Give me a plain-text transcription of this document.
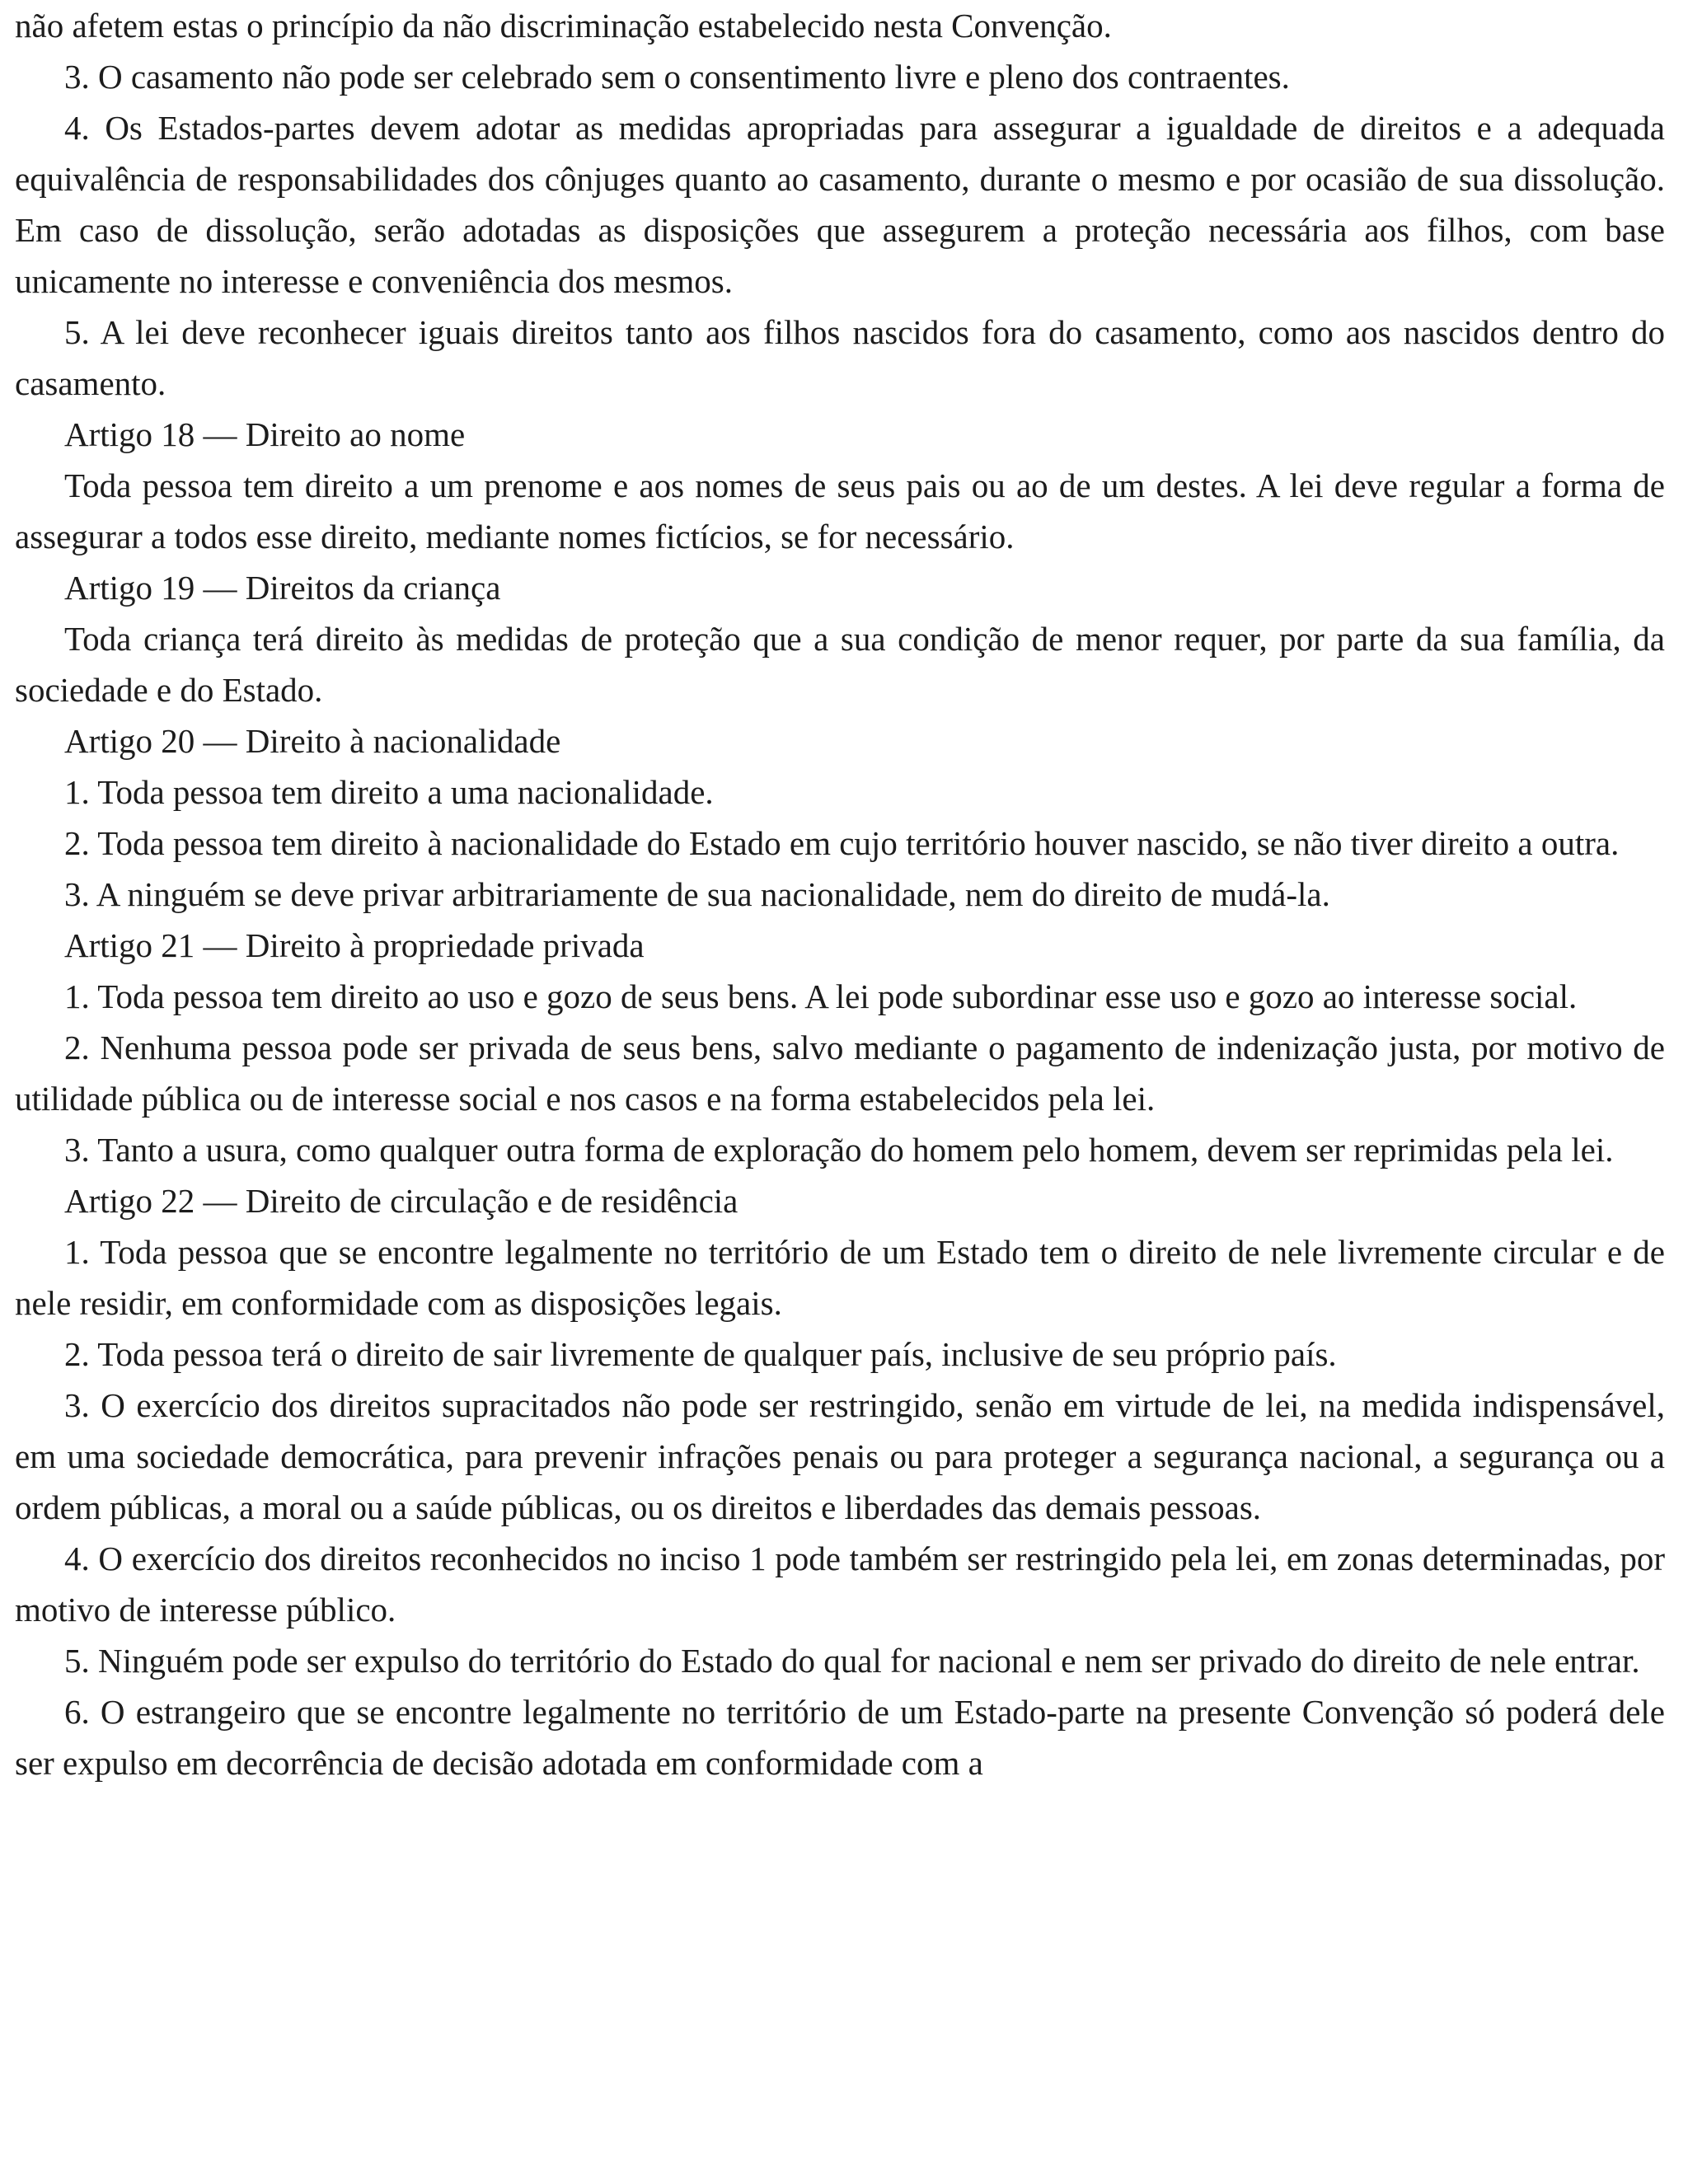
não afetem estas o princípio da não discriminação estabelecido nesta Convenção.

3. O casamento não pode ser celebrado sem o consentimento livre e pleno dos contraentes.

4. Os Estados-partes devem adotar as medidas apropriadas para assegurar a igualdade de direitos e a adequada equivalência de responsabilidades dos cônjuges quanto ao casamento, durante o mesmo e por ocasião de sua dissolução. Em caso de dissolução, serão adotadas as disposições que assegurem a proteção necessária aos filhos, com base unicamente no interesse e conveniência dos mesmos.

5. A lei deve reconhecer iguais direitos tanto aos filhos nascidos fora do casamento, como aos nascidos dentro do casamento.

Artigo 18 — Direito ao nome

Toda pessoa tem direito a um prenome e aos nomes de seus pais ou ao de um destes. A lei deve regular a forma de assegurar a todos esse direito, mediante nomes fictícios, se for necessário.

Artigo 19 — Direitos da criança

Toda criança terá direito às medidas de proteção que a sua condição de menor requer, por parte da sua família, da sociedade e do Estado.

Artigo 20 — Direito à nacionalidade

1. Toda pessoa tem direito a uma nacionalidade.

2. Toda pessoa tem direito à nacionalidade do Estado em cujo território houver nascido, se não tiver direito a outra.

3. A ninguém se deve privar arbitrariamente de sua nacionalidade, nem do direito de mudá-la.

Artigo 21 — Direito à propriedade privada

1. Toda pessoa tem direito ao uso e gozo de seus bens. A lei pode subordinar esse uso e gozo ao interesse social.

2. Nenhuma pessoa pode ser privada de seus bens, salvo mediante o pagamento de indenização justa, por motivo de utilidade pública ou de interesse social e nos casos e na forma estabelecidos pela lei.

3. Tanto a usura, como qualquer outra forma de exploração do homem pelo homem, devem ser reprimidas pela lei.

Artigo 22 — Direito de circulação e de residência

1. Toda pessoa que se encontre legalmente no território de um Estado tem o direito de nele livremente circular e de nele residir, em conformidade com as disposições legais.

2. Toda pessoa terá o direito de sair livremente de qualquer país, inclusive de seu próprio país.

3. O exercício dos direitos supracitados não pode ser restringido, senão em virtude de lei, na medida indispensável, em uma sociedade democrática, para prevenir infrações penais ou para proteger a segurança nacional, a segurança ou a ordem públicas, a moral ou a saúde públicas, ou os direitos e liberdades das demais pessoas.

4. O exercício dos direitos reconhecidos no inciso 1 pode também ser restringido pela lei, em zonas determinadas, por motivo de interesse público.

5. Ninguém pode ser expulso do território do Estado do qual for nacional e nem ser privado do direito de nele entrar.

6. O estrangeiro que se encontre legalmente no território de um Estado-parte na presente Convenção só poderá dele ser expulso em decorrência de decisão adotada em conformidade com a
